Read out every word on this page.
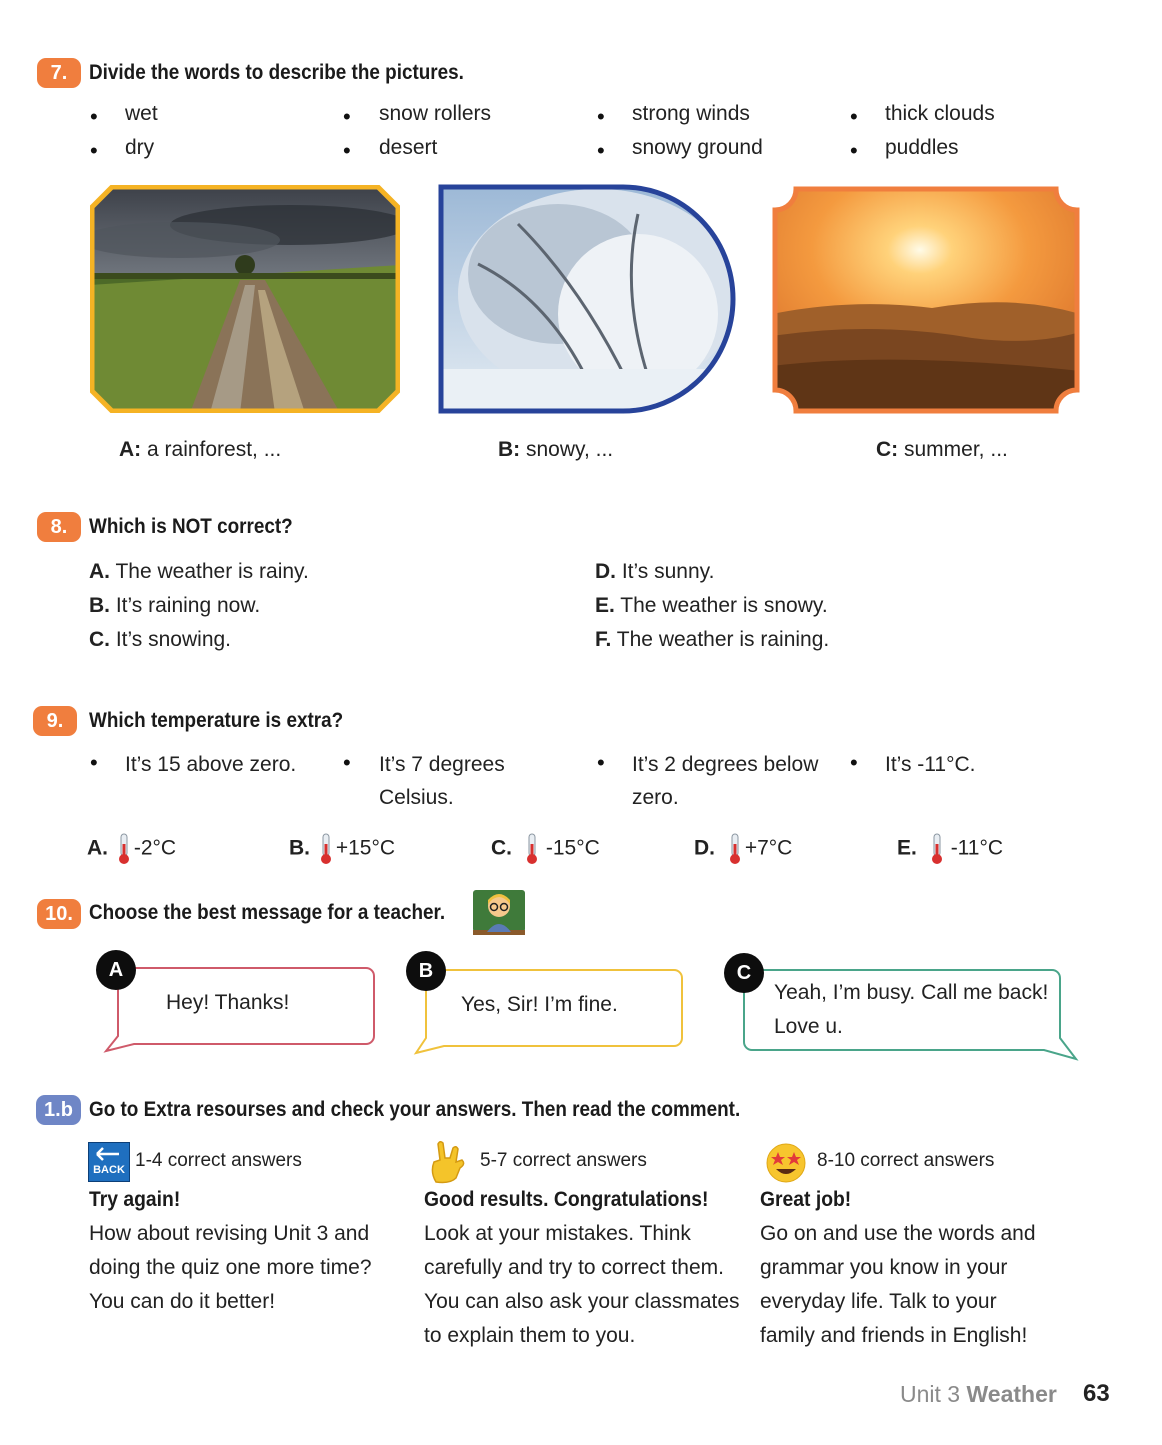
7.	Divide the words to describe the pictures.
• wet
• dry
• snow rollers
• desert
• strong winds
• snowy ground
• thick clouds
• puddles
A: a rainforest, ...	B: snowy, ...	C: summer, ...
8.	Which is NOT correct?
A. The weather is rainy.
B. It’s raining now.
C. It’s snowing.
D. It’s sunny.
E. The weather is snowy.
F. The weather is raining.
9.	Which temperature is extra?
• It’s 15 above zero. • It’s 7 degrees
Celsius.
• It’s 2 degrees below
zero.
• It’s -11°C.

A. -2°C	B. +15°C	C. -15°C	D. +7°C	E. -11°C
10. Choose the best message for a teacher.
A
Hey! Thanks!
B
Yes, Sir! I’m fine.
C
Yeah, I’m busy. Call me back!
Love u.
1.b Go to Extra resourses and check your answers. Then read the comment.
BACK 1-4 correct answers
Try again!
How about revising Unit 3 and
doing the quiz one more time?
You can do it better!
5-7 correct answers
Good results. Congratulations!
Look at your mistakes. Think
carefully and try to correct them.
You can also ask your classmates
to explain them to you.
8-10 correct answers
Great job!
Go on and use the words and
grammar you know in your
everyday life. Talk to your
family and friends in English!
Unit 3 Weather 63
